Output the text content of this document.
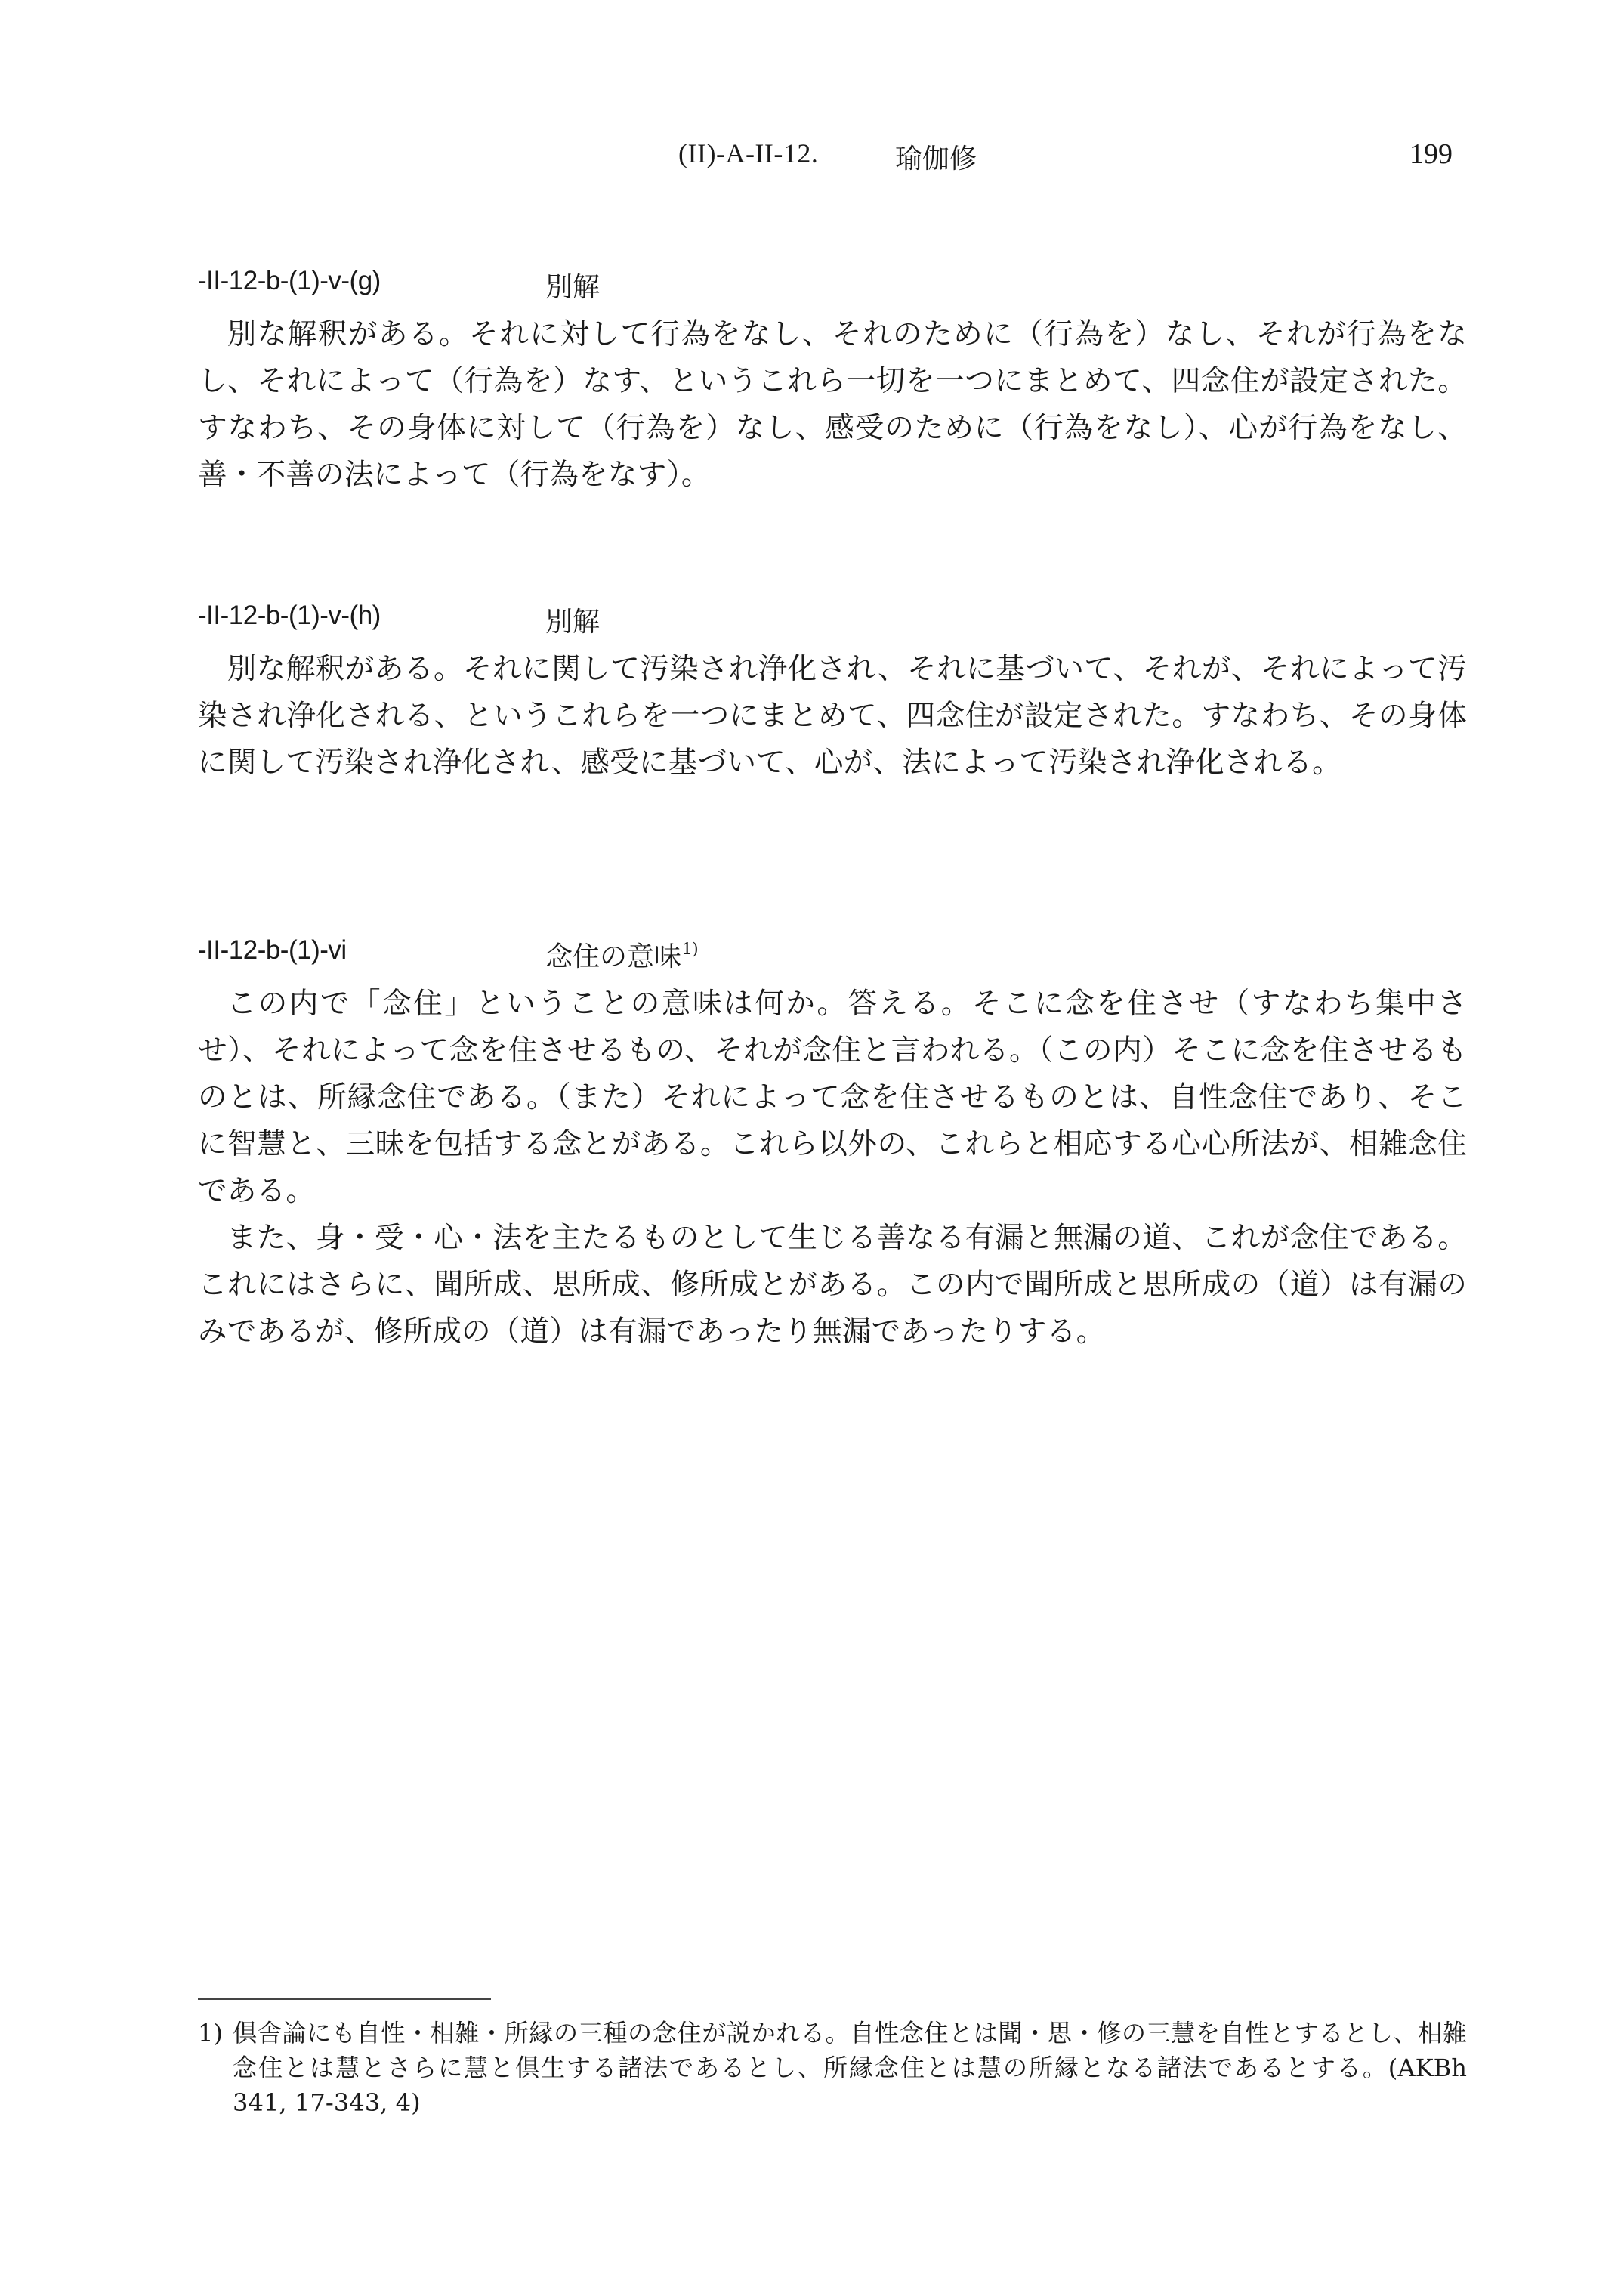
(II)-A-II-12.	瑜伽修	199
-II-12-b-(1)-v-(g)	別解

別な解釈がある。それに対して行為をなし、それのために（行為を）なし、それが行為をなし、それによって（行為を）なす、というこれら一切を一つにまとめて、四念住が設定された。すなわち、その身体に対して（行為を）なし、感受のために（行為をなし）、心が行為をなし、善・不善の法によって（行為をなす）。

-II-12-b-(1)-v-(h)	別解

別な解釈がある。それに関して汚染され浄化され、それに基づいて、それが、それによって汚染され浄化される、というこれらを一つにまとめて、四念住が設定された。すなわち、その身体に関して汚染され浄化され、感受に基づいて、心が、法によって汚染され浄化される。

-II-12-b-(1)-vi	念住の意味$^{1)}$

この内で「念住」ということの意味は何か。答える。そこに念を住させ（すなわち集中させ）、それによって念を住させるもの、それが念住と言われる。（この内）そこに念を住させるものとは、所縁念住である。（また）それによって念を住させるものとは、自性念住であり、そこに智慧と、三昧を包括する念とがある。これら以外の、これらと相応する心心所法が、相雑念住である。

また、身・受・心・法を主たるものとして生じる善なる有漏と無漏の道、これが念住である。これにはさらに、聞所成、思所成、修所成とがある。この内で聞所成と思所成の（道）は有漏のみであるが、修所成の（道）は有漏であったり無漏であったりする。

1) 倶舎論にも自性・相雑・所縁の三種の念住が説かれる。自性念住とは聞・思・修の三慧を自性とするとし、相雑念住とは慧とさらに慧と倶生する諸法であるとし、所縁念住とは慧の所縁となる諸法であるとする。(AKBh 341, 17-343, 4)
